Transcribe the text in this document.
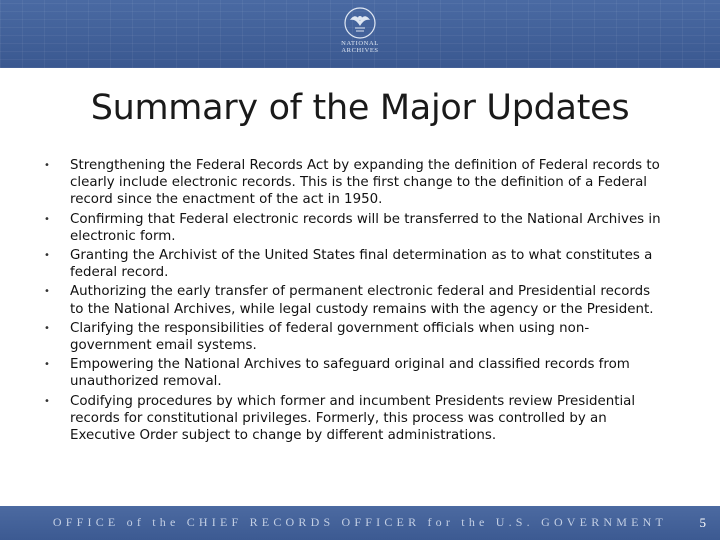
NATIONAL
ARCHIVES
Summary of the Major Updates
• Strengthening the Federal Records Act by expanding the definition of Federal records to clearly include electronic records. This is the first change to the definition of a Federal record since the enactment of the act in 1950.
• Confirming that Federal electronic records will be transferred to the National Archives in electronic form.
• Granting the Archivist of the United States final determination as to what constitutes a federal record.
• Authorizing the early transfer of permanent electronic federal and Presidential records to the National Archives, while legal custody remains with the agency or the President.
• Clarifying the responsibilities of federal government officials when using non-government email systems.
• Empowering the National Archives to safeguard original and classified records from unauthorized removal.
• Codifying procedures by which former and incumbent Presidents review Presidential records for constitutional privileges. Formerly, this process was controlled by an Executive Order subject to change by different administrations.
OFFICE of the CHIEF RECORDS OFFICER for the U.S. GOVERNMENT	5
